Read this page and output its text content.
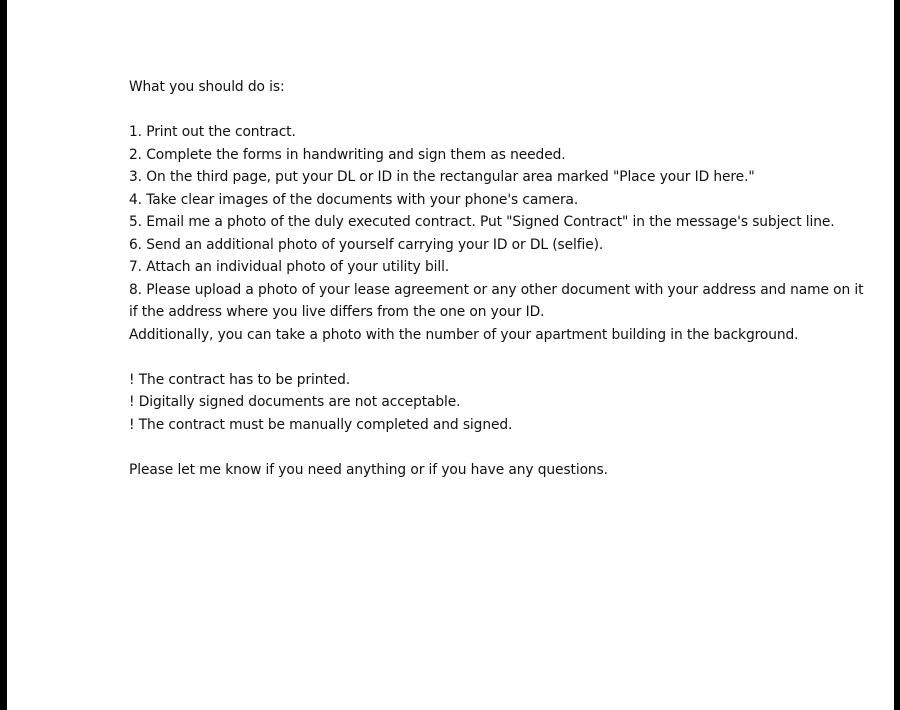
What you should do is:
1. Print out the contract.
2. Complete the forms in handwriting and sign them as needed.
3. On the third page, put your DL or ID in the rectangular area marked "Place your ID here."
4. Take clear images of the documents with your phone's camera.
5. Email me a photo of the duly executed contract. Put "Signed Contract" in the message's subject line.
6. Send an additional photo of yourself carrying your ID or DL (selfie).
7. Attach an individual photo of your utility bill.
8. Please upload a photo of your lease agreement or any other document with your address and name on it
if the address where you live differs from the one on your ID.
Additionally, you can take a photo with the number of your apartment building in the background.
! The contract has to be printed.
! Digitally signed documents are not acceptable.
! The contract must be manually completed and signed.
Please let me know if you need anything or if you have any questions.
